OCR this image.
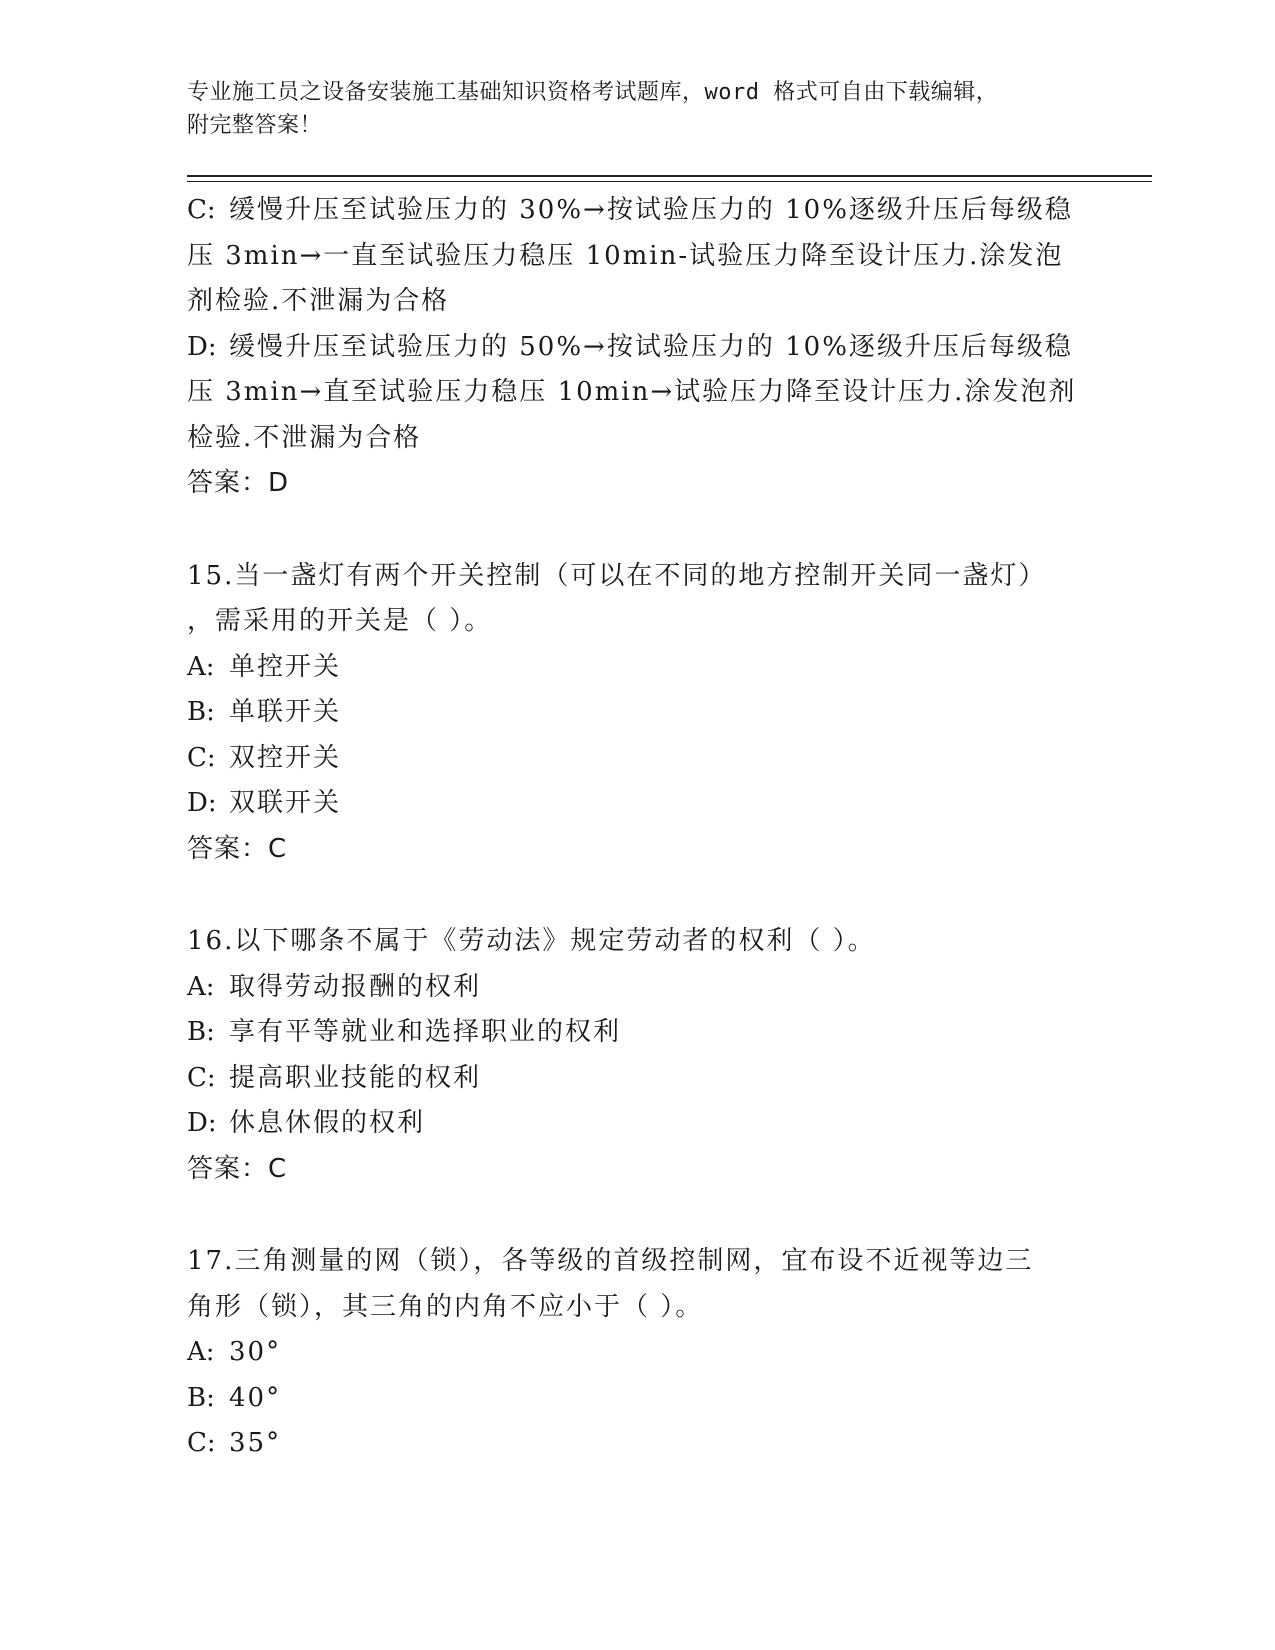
专业施工员之设备安装施工基础知识资格考试题库，word 格式可自由下载编辑，
附完整答案！
C: 缓慢升压至试验压力的 30%→按试验压力的 10%逐级升压后每级稳
压 3min→一直至试验压力稳压 10min-试验压力降至设计压力.涂发泡
剂检验.不泄漏为合格
D: 缓慢升压至试验压力的 50%→按试验压力的 10%逐级升压后每级稳
压 3min→直至试验压力稳压 10min→试验压力降至设计压力.涂发泡剂
检验.不泄漏为合格
答案：D
15.当一盏灯有两个开关控制（可以在不同的地方控制开关同一盏灯）
，需采用的开关是（ ）。
A: 单控开关
B: 单联开关
C: 双控开关
D: 双联开关
答案：C
16.以下哪条不属于《劳动法》规定劳动者的权利（ ）。
A: 取得劳动报酬的权利
B: 享有平等就业和选择职业的权利
C: 提高职业技能的权利
D: 休息休假的权利
答案：C
17.三角测量的网（锁），各等级的首级控制网，宜布设不近视等边三
角形（锁），其三角的内角不应小于（ ）。
A: 30°
B: 40°
C: 35°
